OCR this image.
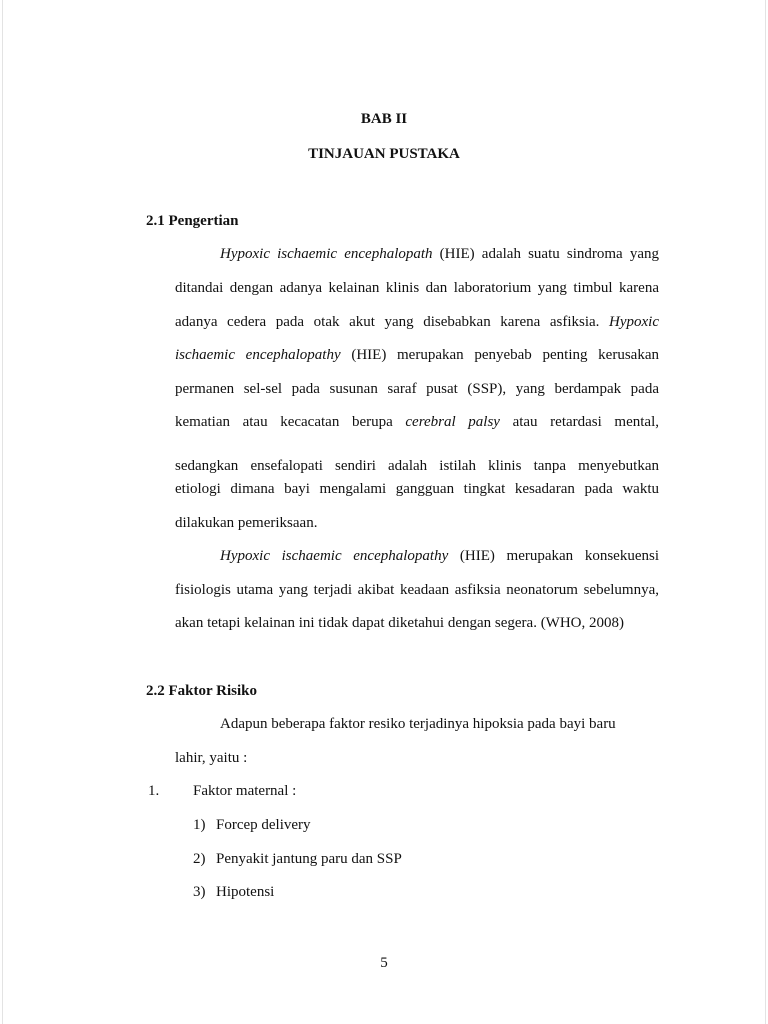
BAB II
TINJAUAN PUSTAKA
2.1 Pengertian
Hypoxic ischaemic encephalopath (HIE) adalah suatu sindroma yang
ditandai dengan adanya kelainan klinis dan laboratorium yang timbul karena
adanya cedera pada otak akut yang disebabkan karena asfiksia. Hypoxic
ischaemic encephalopathy (HIE) merupakan penyebab penting kerusakan
permanen sel-sel pada susunan saraf pusat (SSP), yang berdampak pada
kematian atau kecacatan berupa cerebral palsy atau retardasi mental,
sedangkan ensefalopati sendiri adalah istilah klinis tanpa menyebutkan
etiologi dimana bayi mengalami gangguan tingkat kesadaran pada waktu
dilakukan pemeriksaan.
Hypoxic ischaemic encephalopathy (HIE) merupakan konsekuensi
fisiologis utama yang terjadi akibat keadaan asfiksia neonatorum sebelumnya,
akan tetapi kelainan ini tidak dapat diketahui dengan segera. (WHO, 2008)
2.2 Faktor Risiko
Adapun beberapa faktor resiko terjadinya hipoksia pada bayi baru
lahir, yaitu :
1. Faktor maternal :
1) Forcep delivery
2) Penyakit jantung paru dan SSP
3) Hipotensi
5
